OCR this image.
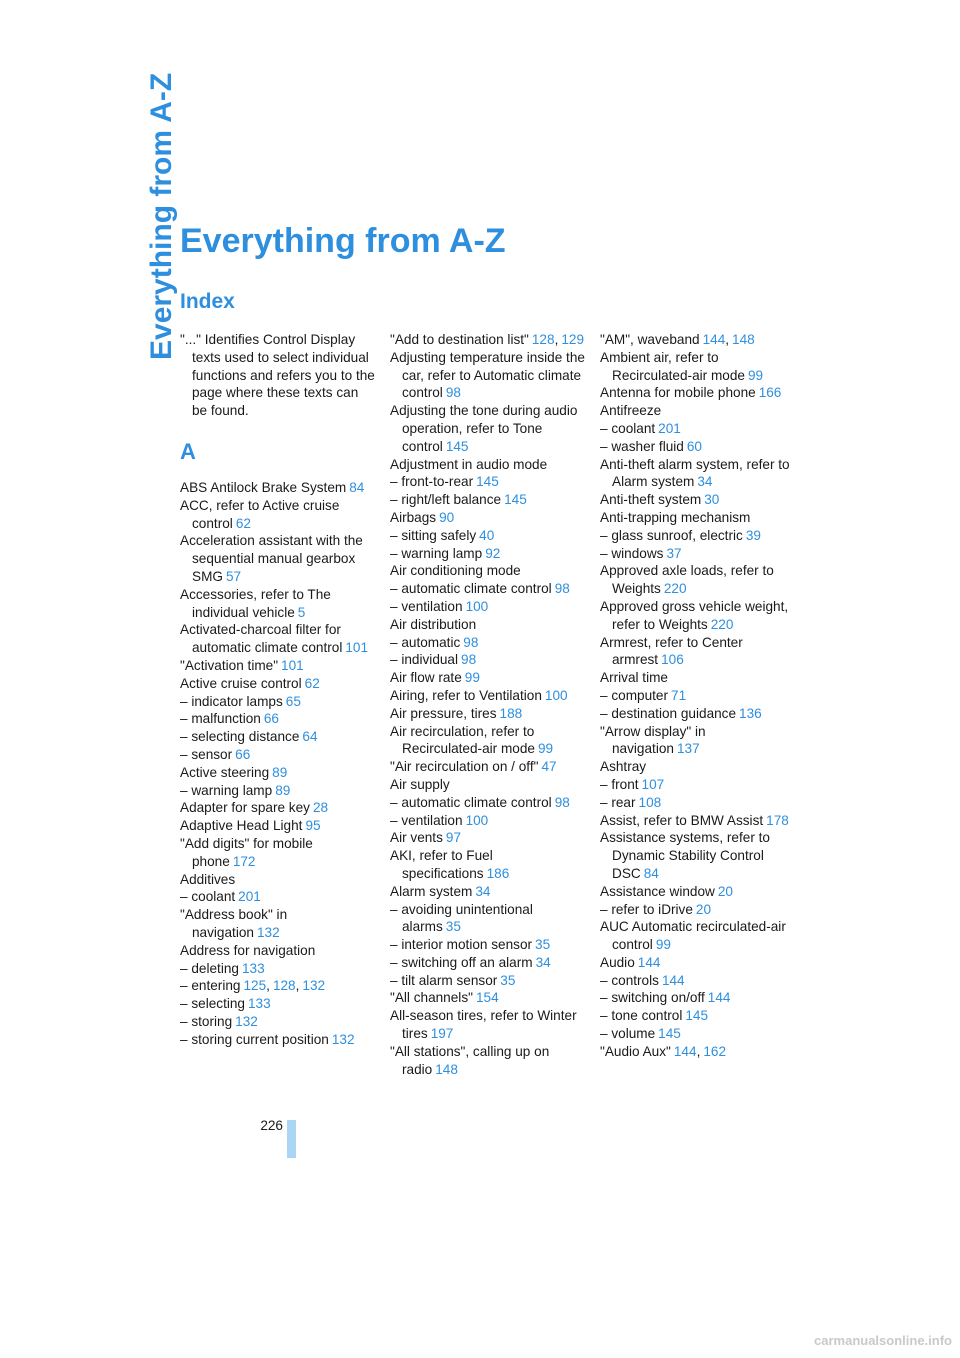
Everything from A-Z Everything from A-Z
Index
"..." Identifies Control Display texts used to select individual functions and refers you to the page where these texts can be found.
A
ABS Antilock Brake System 84
ACC, refer to Active cruise control 62
Acceleration assistant with the sequential manual gearbox SMG 57
Accessories, refer to The individual vehicle 5
Activated-charcoal filter for automatic climate control 101
"Activation time" 101
Active cruise control 62
– indicator lamps 65
– malfunction 66
– selecting distance 64
– sensor 66
Active steering 89
– warning lamp 89
Adapter for spare key 28
Adaptive Head Light 95
"Add digits" for mobile phone 172
Additives
– coolant 201
"Address book" in navigation 132
Address for navigation
– deleting 133
– entering 125, 128, 132
– selecting 133
– storing 132
– storing current position 132
"Add to destination list" 128, 129
Adjusting temperature inside the car, refer to Automatic climate control 98
Adjusting the tone during audio operation, refer to Tone control 145
Adjustment in audio mode
– front-to-rear 145
– right/left balance 145
Airbags 90
– sitting safely 40
– warning lamp 92
Air conditioning mode
– automatic climate control 98
– ventilation 100
Air distribution
– automatic 98
– individual 98
Air flow rate 99
Airing, refer to Ventilation 100
Air pressure, tires 188
Air recirculation, refer to Recirculated-air mode 99
"Air recirculation on / off" 47
Air supply
– automatic climate control 98
– ventilation 100
Air vents 97
AKI, refer to Fuel specifications 186
Alarm system 34
– avoiding unintentional alarms 35
– interior motion sensor 35
– switching off an alarm 34
– tilt alarm sensor 35
"All channels" 154
All-season tires, refer to Winter tires 197
"All stations", calling up on radio 148
"AM", waveband 144, 148
Ambient air, refer to Recirculated-air mode 99
Antenna for mobile phone 166
Antifreeze
– coolant 201
– washer fluid 60
Anti-theft alarm system, refer to Alarm system 34
Anti-theft system 30
Anti-trapping mechanism
– glass sunroof, electric 39
– windows 37
Approved axle loads, refer to Weights 220
Approved gross vehicle weight, refer to Weights 220
Armrest, refer to Center armrest 106
Arrival time
– computer 71
– destination guidance 136
"Arrow display" in navigation 137
Ashtray
– front 107
– rear 108
Assist, refer to BMW Assist 178
Assistance systems, refer to Dynamic Stability Control DSC 84
Assistance window 20
– refer to iDrive 20
AUC Automatic recirculated-air control 99
Audio 144
– controls 144
– switching on/off 144
– tone control 145
– volume 145
"Audio Aux" 144, 162
226
carmanualsonline.info
